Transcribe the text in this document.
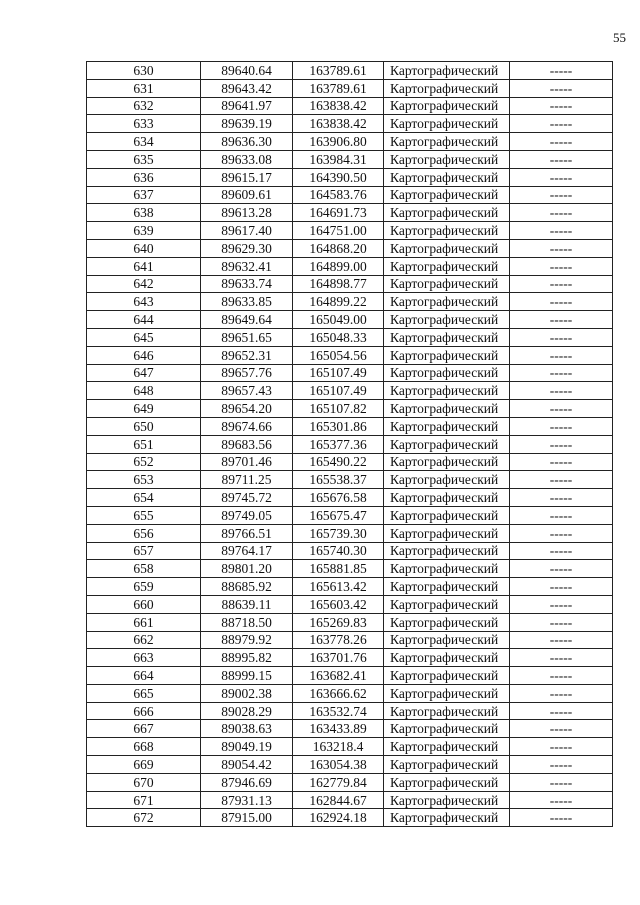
55
630	89640.64	163789.61	Картографический	-----
631	89643.42	163789.61	Картографический	-----
632	89641.97	163838.42	Картографический	-----
633	89639.19	163838.42	Картографический	-----
634	89636.30	163906.80	Картографический	-----
635	89633.08	163984.31	Картографический	-----
636	89615.17	164390.50	Картографический	-----
637	89609.61	164583.76	Картографический	-----
638	89613.28	164691.73	Картографический	-----
639	89617.40	164751.00	Картографический	-----
640	89629.30	164868.20	Картографический	-----
641	89632.41	164899.00	Картографический	-----
642	89633.74	164898.77	Картографический	-----
643	89633.85	164899.22	Картографический	-----
644	89649.64	165049.00	Картографический	-----
645	89651.65	165048.33	Картографический	-----
646	89652.31	165054.56	Картографический	-----
647	89657.76	165107.49	Картографический	-----
648	89657.43	165107.49	Картографический	-----
649	89654.20	165107.82	Картографический	-----
650	89674.66	165301.86	Картографический	-----
651	89683.56	165377.36	Картографический	-----
652	89701.46	165490.22	Картографический	-----
653	89711.25	165538.37	Картографический	-----
654	89745.72	165676.58	Картографический	-----
655	89749.05	165675.47	Картографический	-----
656	89766.51	165739.30	Картографический	-----
657	89764.17	165740.30	Картографический	-----
658	89801.20	165881.85	Картографический	-----
659	88685.92	165613.42	Картографический	-----
660	88639.11	165603.42	Картографический	-----
661	88718.50	165269.83	Картографический	-----
662	88979.92	163778.26	Картографический	-----
663	88995.82	163701.76	Картографический	-----
664	88999.15	163682.41	Картографический	-----
665	89002.38	163666.62	Картографический	-----
666	89028.29	163532.74	Картографический	-----
667	89038.63	163433.89	Картографический	-----
668	89049.19	163218.4	Картографический	-----
669	89054.42	163054.38	Картографический	-----
670	87946.69	162779.84	Картографический	-----
671	87931.13	162844.67	Картографический	-----
672	87915.00	162924.18	Картографический	-----
